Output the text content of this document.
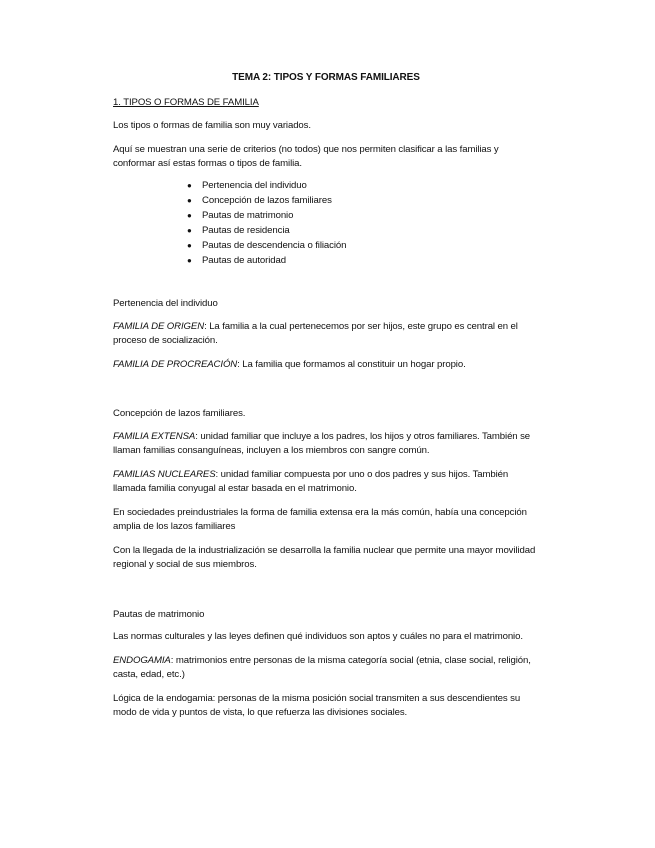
TEMA 2: TIPOS Y FORMAS FAMILIARES
1. TIPOS O FORMAS DE FAMILIA

Los tipos o formas de familia son muy variados.

Aquí se muestran una serie de criterios (no todos) que nos permiten clasificar a las familias y conformar así estas formas o tipos de familia.

● Pertenencia del individuo
● Concepción de lazos familiares
● Pautas de matrimonio
● Pautas de residencia
● Pautas de descendencia o filiación
● Pautas de autoridad
Pertenencia del individuo

FAMILIA DE ORIGEN: La familia a la cual pertenecemos por ser hijos, este grupo es central en el proceso de socialización.

FAMILIA DE PROCREACIÓN: La familia que formamos al constituir un hogar propio.

Concepción de lazos familiares.

FAMILIA EXTENSA: unidad familiar que incluye a los padres, los hijos y otros familiares. También se llaman familias consanguíneas, incluyen a los miembros con sangre común.

FAMILIAS NUCLEARES: unidad familiar compuesta por uno o dos padres y sus hijos. También llamada familia conyugal al estar basada en el matrimonio.

En sociedades preindustriales la forma de familia extensa era la más común, había una concepción amplia de los lazos familiares

Con la llegada de la industrialización se desarrolla la familia nuclear que permite una mayor movilidad regional y social de sus miembros.

Pautas de matrimonio

Las normas culturales y las leyes definen qué individuos son aptos y cuáles no para el matrimonio.

ENDOGAMIA: matrimonios entre personas de la misma categoría social (etnia, clase social, religión, casta, edad, etc.)

Lógica de la endogamia: personas de la misma posición social transmiten a sus descendientes su modo de vida y puntos de vista, lo que refuerza las divisiones sociales.
